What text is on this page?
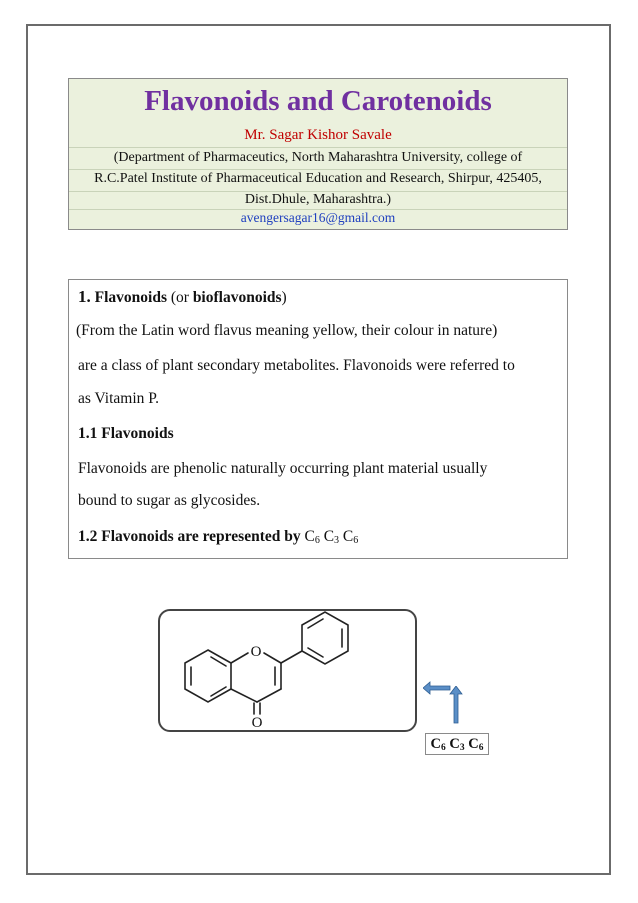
Flavonoids and Carotenoids
Mr. Sagar Kishor Savale
(Department of Pharmaceutics, North Maharashtra University, college of
R.C.Patel Institute of Pharmaceutical Education and Research, Shirpur, 425405,
Dist.Dhule, Maharashtra.)
avengersagar16@gmail.com
1. Flavonoids (or bioflavonoids)
(From the Latin word flavus meaning yellow, their colour in nature)
are a class of plant secondary metabolites. Flavonoids were referred to
as Vitamin P.
1.1 Flavonoids
Flavonoids are phenolic naturally occurring plant material usually
bound to sugar as glycosides.
1.2 Flavonoids are represented by $C_6$ $C_3$ $C_6$
O
O
$C_6$ $C_3$ $C_6$
